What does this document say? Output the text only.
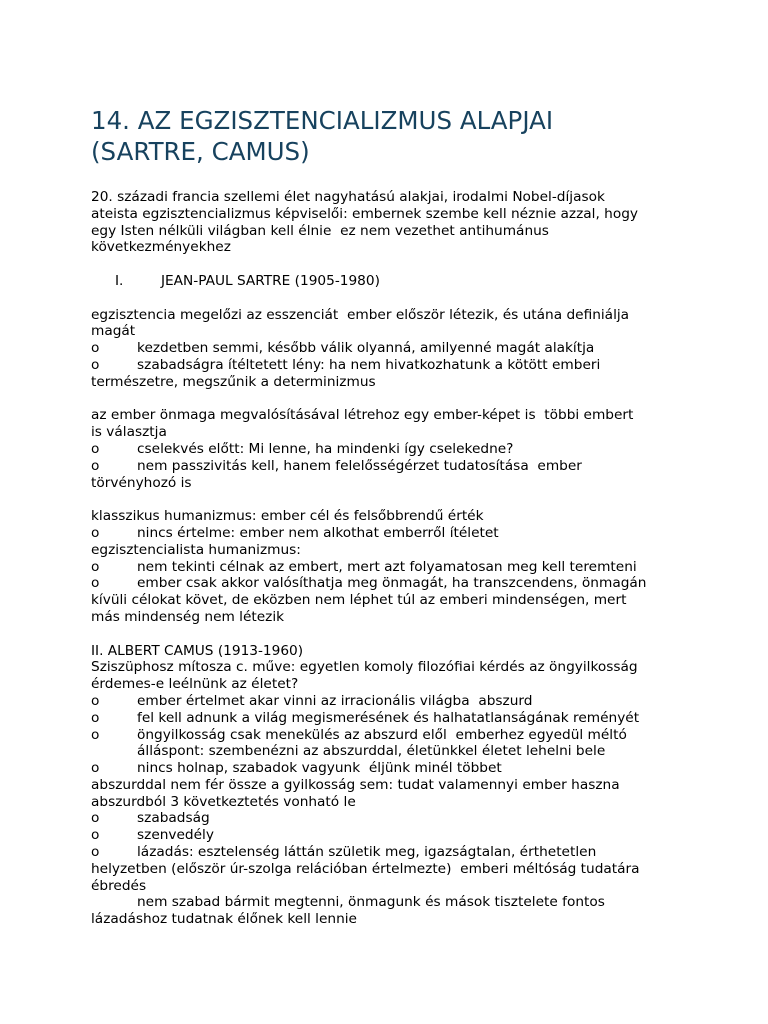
14. AZ EGZISZTENCIALIZMUS ALAPJAI
(SARTRE, CAMUS)
20. századi francia szellemi élet nagyhatású alakjai, irodalmi Nobel-díjasok
ateista egzisztencializmus képviselői: embernek szembe kell néznie azzal, hogy
egy Isten nélküli világban kell élnie  ez nem vezethet antihumánus
következményekhez
I.	JEAN-PAUL SARTRE (1905-1980)
egzisztencia megelőzi az esszenciát  ember először létezik, és utána definiálja
magát
o	kezdetben semmi, később válik olyanná, amilyenné magát alakítja
o	szabadságra ítéltetett lény: ha nem hivatkozhatunk a kötött emberi
természetre, megszűnik a determinizmus
az ember önmaga megvalósításával létrehoz egy ember-képet is  többi embert
is választja
o	cselekvés előtt: Mi lenne, ha mindenki így cselekedne?
o	nem passzivitás kell, hanem felelősségérzet tudatosítása  ember
törvényhozó is
klasszikus humanizmus: ember cél és felsőbbrendű érték
o	nincs értelme: ember nem alkothat emberről ítéletet
egzisztencialista humanizmus:
o	nem tekinti célnak az embert, mert azt folyamatosan meg kell teremteni
o	ember csak akkor valósíthatja meg önmagát, ha transzcendens, önmagán
kívüli célokat követ, de eközben nem léphet túl az emberi mindenségen, mert
más mindenség nem létezik
II. ALBERT CAMUS (1913-1960)
Sziszüphosz mítosza c. műve: egyetlen komoly filozófiai kérdés az öngyilkosság
érdemes-e leélnünk az életet?
o	ember értelmet akar vinni az irracionális világba  abszurd
o	fel kell adnunk a világ megismerésének és halhatatlanságának reményét
o	öngyilkosság csak menekülés az abszurd elől  emberhez egyedül méltó
álláspont: szembenézni az abszurddal, életünkkel életet lehelni bele
o	nincs holnap, szabadok vagyunk  éljünk minél többet
abszurddal nem fér össze a gyilkosság sem: tudat valamennyi ember haszna
abszurdból 3 következtetés vonható le
o	szabadság
o	szenvedély
o	lázadás: esztelenség láttán születik meg, igazságtalan, érthetetlen
helyzetben (először úr-szolga relációban értelmezte)  emberi méltóság tudatára
ébredés
nem szabad bármit megtenni, önmagunk és mások tisztelete fontos
lázadáshoz tudatnak élőnek kell lennie
